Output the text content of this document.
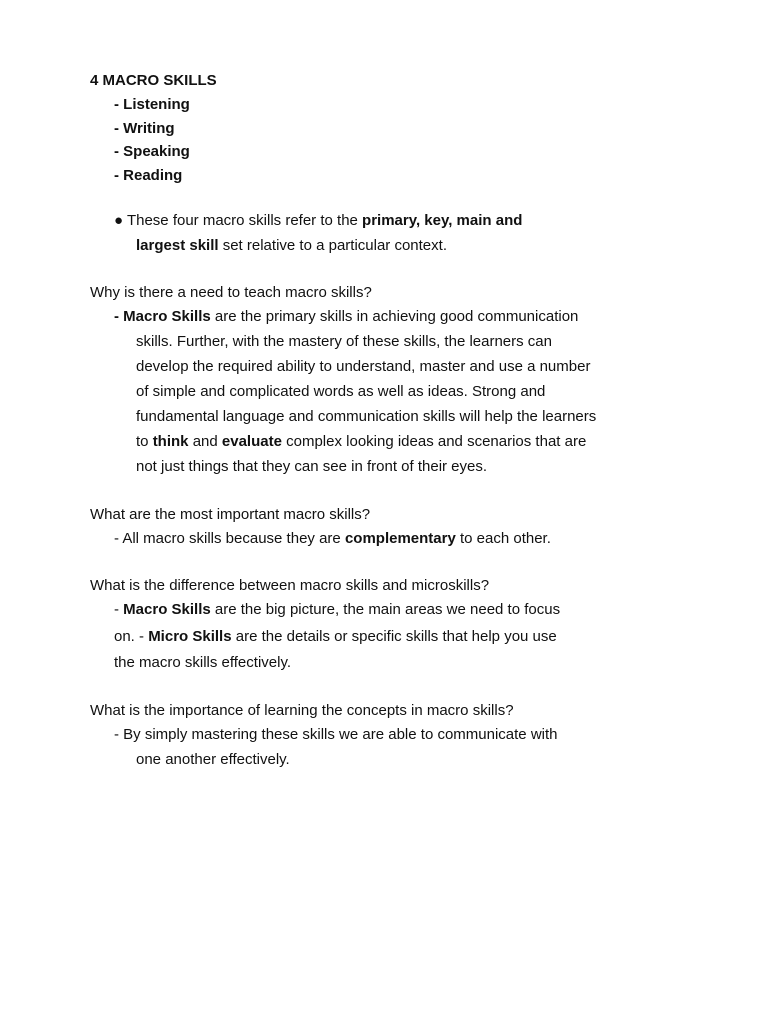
4 MACRO SKILLS

- Listening

- Writing

- Speaking

- Reading

● These four macro skills refer to the primary, key, main and

largest skill set relative to a particular context.

Why is there a need to teach macro skills?

- Macro Skills are the primary skills in achieving good communication

skills. Further, with the mastery of these skills, the learners can

develop the required ability to understand, master and use a number

of simple and complicated words as well as ideas. Strong and

fundamental language and communication skills will help the learners

to think and evaluate complex looking ideas and scenarios that are

not just things that they can see in front of their eyes.

What are the most important macro skills?

- All macro skills because they are complementary to each other.

What is the difference between macro skills and microskills?

- Macro Skills are the big picture, the main areas we need to focus

on. - Micro Skills are the details or specific skills that help you use

the macro skills effectively.

What is the importance of learning the concepts in macro skills?

- By simply mastering these skills we are able to communicate with

one another effectively.
